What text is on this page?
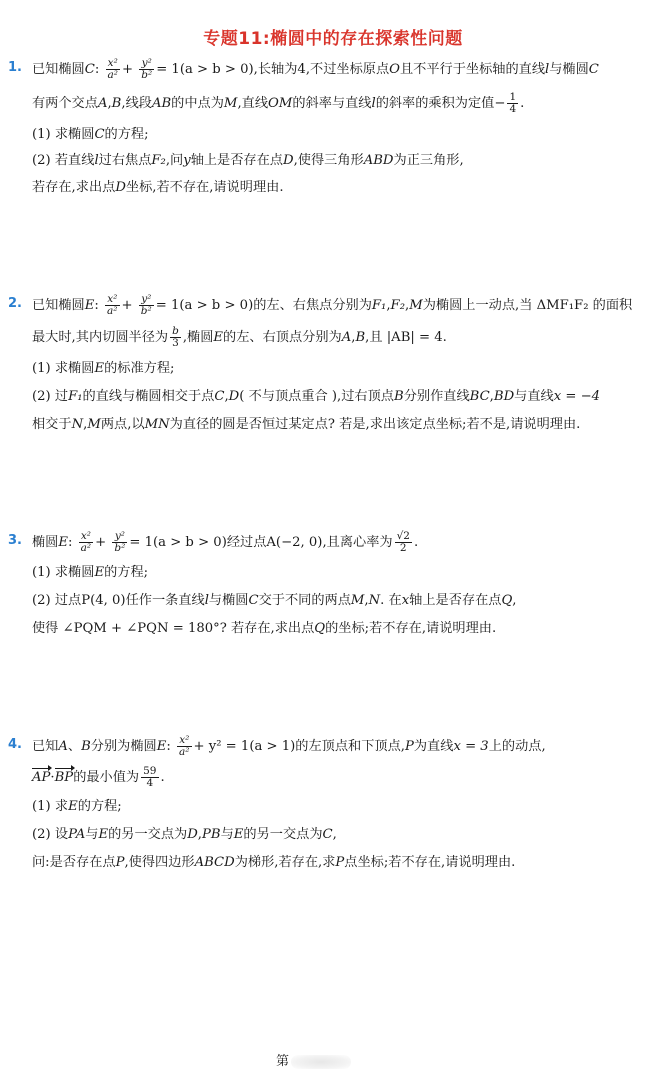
专题11:椭圆中的存在探索性问题
1. 已知椭圆C: $\frac{\text{x²}}{\text{a²}} + \frac{\text{y²}}{\text{b²}} = 1(a > b > 0)$,长轴为4,不过坐标原点O且不平行于坐标轴的直线l与椭圆C
有两个交点A,B,线段AB的中点为M,直线OM的斜率与直线l的斜率的乘积为定值− $\frac{1}{4}$ .
(1) 求椭圆C的方程;
(2) 若直线l过右焦点F₂,问y轴上是否存在点D,使得三角形ABD为正三角形,
若存在,求出点D坐标,若不存在,请说明理由.
2. 已知椭圆E: $\frac{\text{x²}}{\text{a²}} + \frac{\text{y²}}{\text{b²}} = 1(a > b > 0)$的左、右焦点分别为F₁,F₂,M为椭圆上一动点,当 ΔMF₁F₂ 的面积
最大时,其内切圆半径为 $\frac{b}{3}$ ,椭圆E的左、右顶点分别为A,B,且 |AB| = 4.
(1) 求椭圆E的标准方程;
(2) 过F₁的直线与椭圆相交于点C,D( 不与顶点重合 ),过右顶点B分别作直线BC,BD与直线x = −4
相交于N,M两点,以MN为直径的圆是否恒过某定点? 若是,求出该定点坐标;若不是,请说明理由.
3. 椭圆E: $\frac{\text{x²}}{\text{a²}} + \frac{\text{y²}}{\text{b²}} = 1(a > b > 0)$经过点A(−2, 0),且离心率为 $\frac{√2}{2}$ .
(1) 求椭圆E的方程;
(2) 过点P(4, 0)任作一条直线l与椭圆C交于不同的两点M,N. 在x轴上是否存在点Q,
使得 ∠PQM + ∠PQN = 180°? 若存在,求出点Q的坐标;若不存在,请说明理由.
4. 已知A、B分别为椭圆E: $\frac{\text{x²}}{\text{a²}} + y^2 = 1(a > 1)$的左顶点和下顶点,P为直线x = 3上的动点,
AP·BP的最小值为 $\frac{59}{4}$ .
(1) 求E的方程;
(2) 设PA与E的另一交点为D,PB与E的另一交点为C,
问:是否存在点P,使得四边形ABCD为梯形,若存在,求P点坐标;若不存在,请说明理由.
第
